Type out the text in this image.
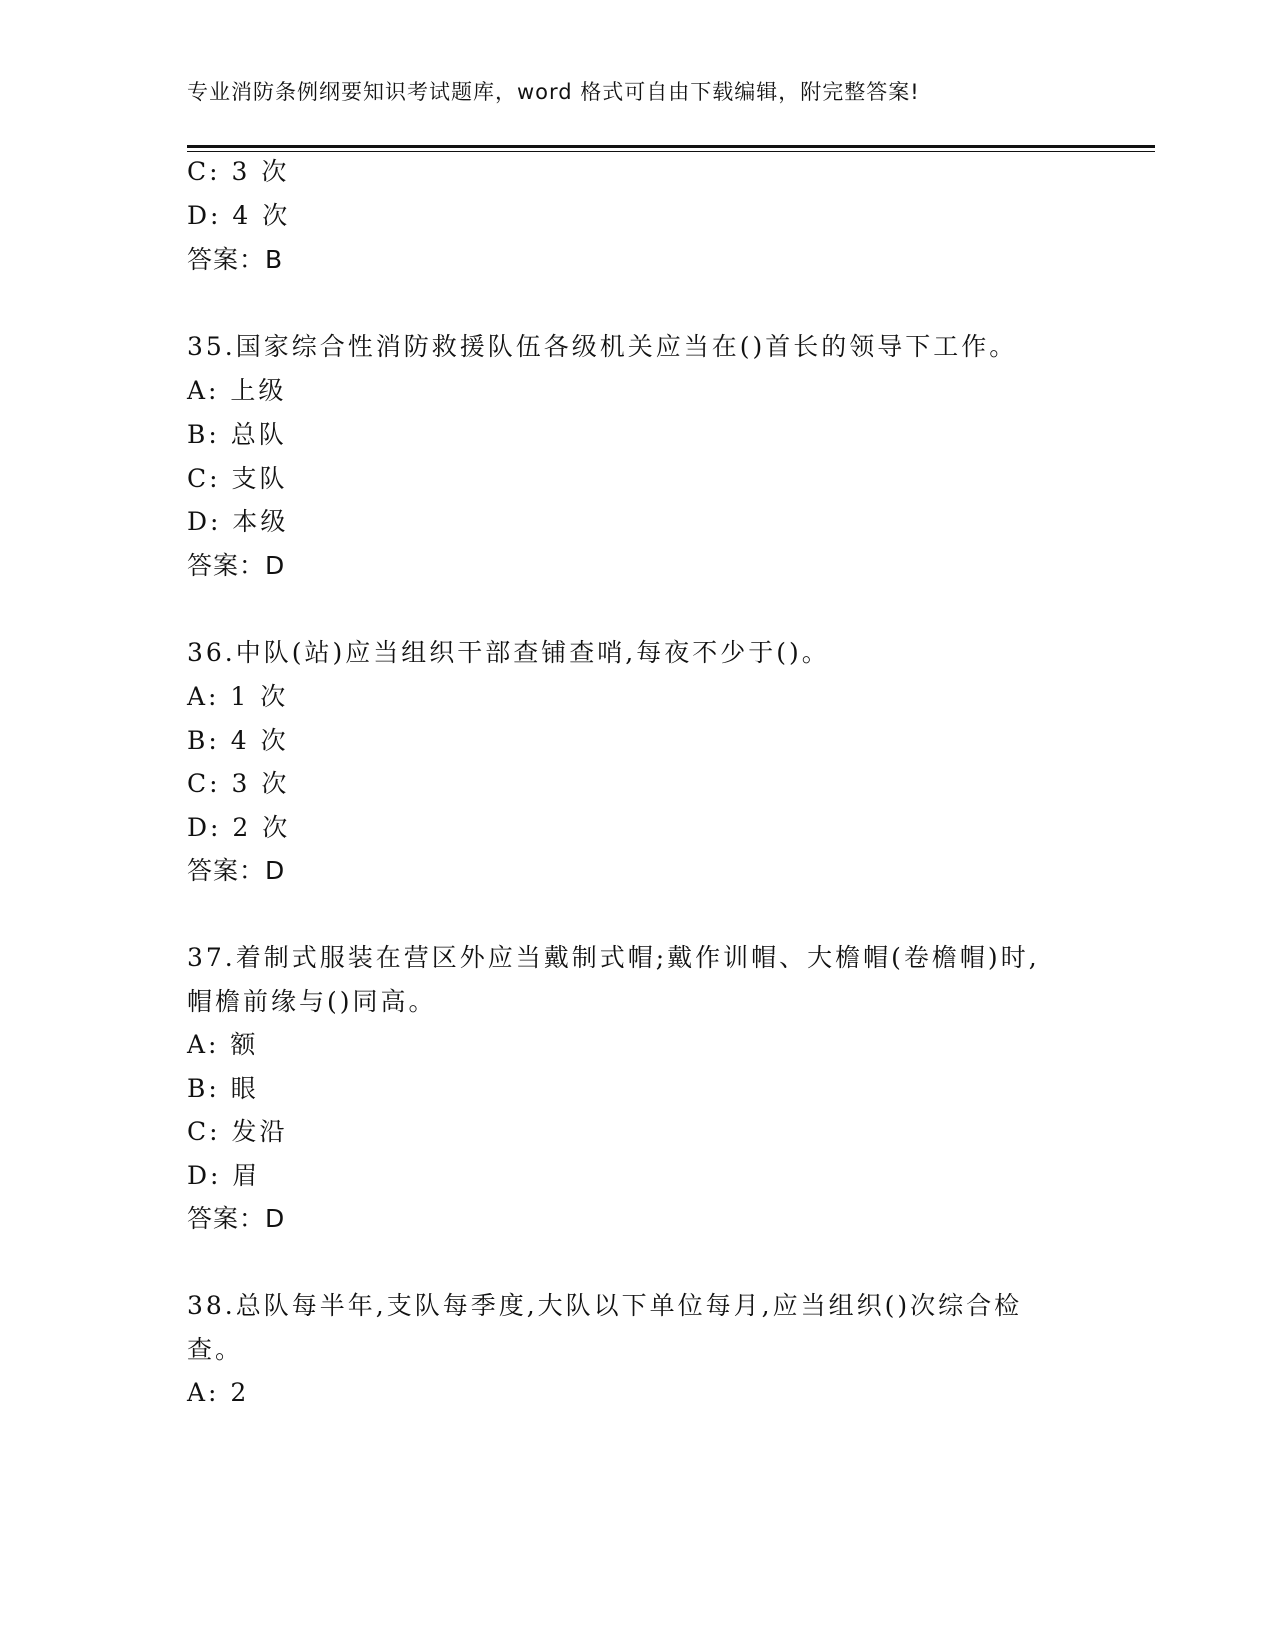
专业消防条例纲要知识考试题库，word 格式可自由下载编辑，附完整答案!
C: 3 次
D: 4 次
答案：B
35.国家综合性消防救援队伍各级机关应当在()首长的领导下工作。
A: 上级
B: 总队
C: 支队
D: 本级
答案：D
36.中队(站)应当组织干部查铺查哨,每夜不少于()。
A: 1 次
B: 4 次
C: 3 次
D: 2 次
答案：D
37.着制式服装在营区外应当戴制式帽;戴作训帽、大檐帽(卷檐帽)时,
帽檐前缘与()同高。
A: 额
B: 眼
C: 发沿
D: 眉
答案：D
38.总队每半年,支队每季度,大队以下单位每月,应当组织()次综合检
查。
A: 2
